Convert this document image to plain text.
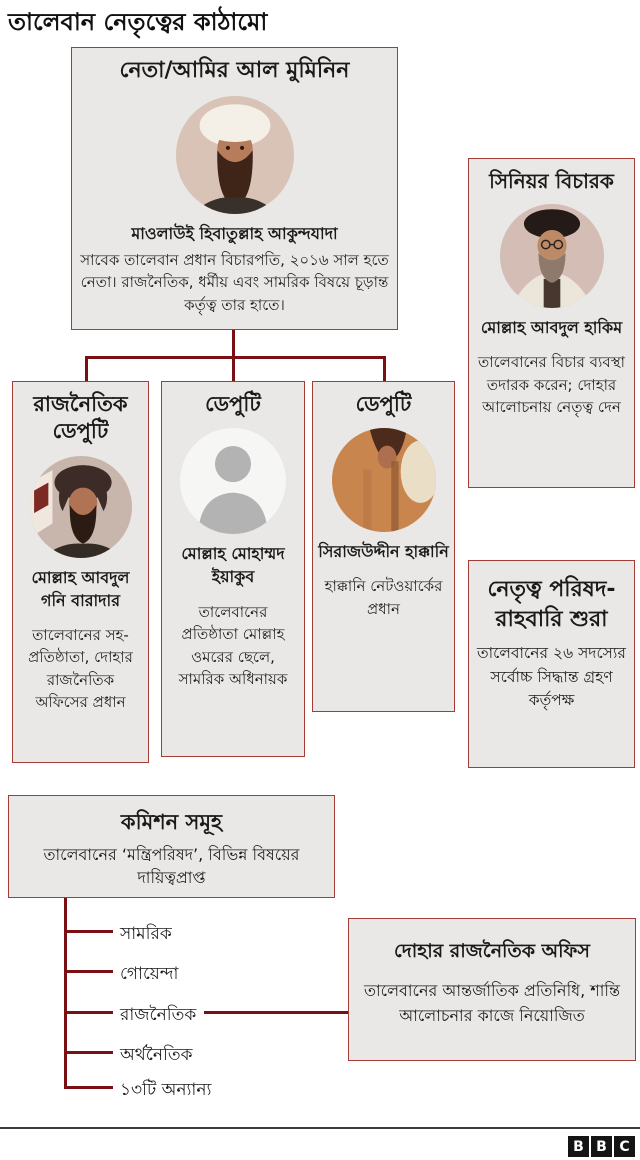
তালেবান নেতৃত্বের কাঠামো
নেতা/আমির আল মুমিনিন
মাওলাউই হিবাতুল্লাহ আকুন্দযাদা
সাবেক তালেবান প্রধান বিচারপতি, ২০১৬ সাল হতে নেতা। রাজনৈতিক, ধর্মীয় এবং সামরিক বিষয়ে চূড়ান্ত কর্তৃত্ব তার হাতে।
সিনিয়র বিচারক
মোল্লাহ আবদুল হাকিম
তালেবানের বিচার ব্যবস্থা তদারক করেন; দোহার আলোচনায় নেতৃত্ব দেন
রাজনৈতিক ডেপুটি
মোল্লাহ আবদুল গনি বারাদার
তালেবানের সহ-প্রতিষ্ঠাতা, দোহার রাজনৈতিক অফিসের প্রধান
ডেপুটি
মোল্লাহ মোহাম্মদ ইয়াকুব
তালেবানের প্রতিষ্ঠাতা মোল্লাহ ওমরের ছেলে, সামরিক অধিনায়ক
ডেপুটি
সিরাজউদ্দীন হাক্কানি
হাক্কানি নেটওয়ার্কের প্রধান
নেতৃত্ব পরিষদ- রাহবারি শুরা
তালেবানের ২৬ সদস্যের সর্বোচ্চ সিদ্ধান্ত গ্রহণ কর্তৃপক্ষ
কমিশন সমূহ
তালেবানের ‘মন্ত্রিপরিষদ’, বিভিন্ন বিষয়ের দায়িত্বপ্রাপ্ত
সামরিক
গোয়েন্দা
রাজনৈতিক
অর্থনৈতিক
১৩টি অন্যান্য
দোহার রাজনৈতিক অফিস
তালেবানের আন্তর্জাতিক প্রতিনিধি, শান্তি আলোচনার কাজে নিয়োজিত
B B C
